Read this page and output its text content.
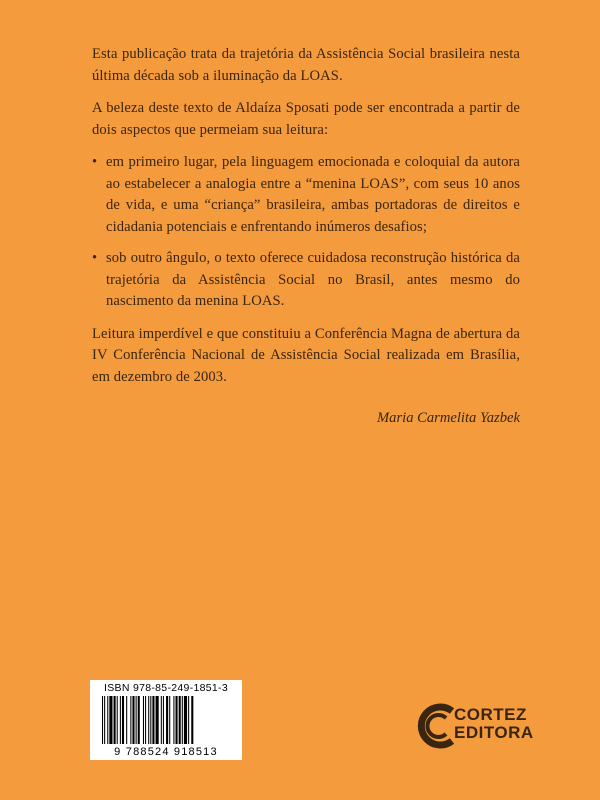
Esta publicação trata da trajetória da Assistência Social brasileira nesta última década sob a iluminação da LOAS.

A beleza deste texto de Aldaíza Sposati pode ser encontrada a partir de dois aspectos que permeiam sua leitura:

• em primeiro lugar, pela linguagem emocionada e coloquial da autora ao estabelecer a analogia entre a “menina LOAS”, com seus 10 anos de vida, e uma “criança” brasileira, ambas portadoras de direitos e cidadania potenciais e enfrentando inúmeros desafios;
• sob outro ângulo, o texto oferece cuidadosa reconstrução histórica da trajetória da Assistência Social no Brasil, antes mesmo do nascimento da menina LOAS.

Leitura imperdível e que constituiu a Conferência Magna de abertura da IV Conferência Nacional de Assistência Social realizada em Brasília, em dezembro de 2003.

Maria Carmelita Yazbek
ISBN 978-85-249-1851-3
9 788524 918513
CORTEZ
EDITORA
